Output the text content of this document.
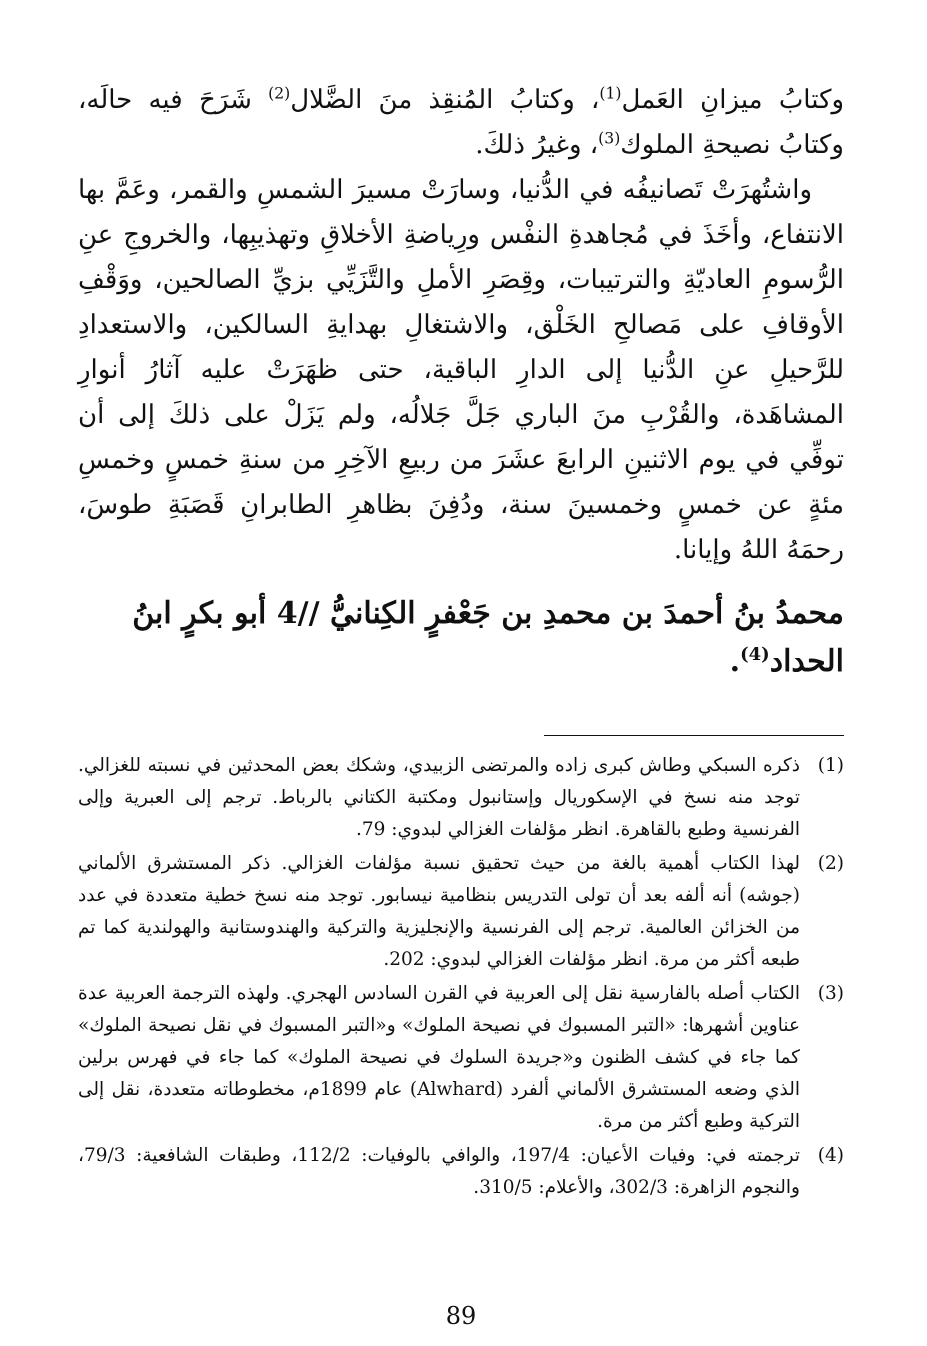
وكتابُ ميزانِ العَمل$^{(1)}$، وكتابُ المُنقِذ منَ الضَّلال$^{(2)}$ شَرَحَ فيه حالَه، وكتابُ نصيحةِ الملوك$^{(3)}$، وغيرُ ذلكَ.

واشتُهرَتْ تَصانيفُه في الدُّنيا، وسارَتْ مسيرَ الشمسِ والقمر، وعَمَّ بها الانتفاع، وأخَذَ في مُجاهدةِ النفْس ورِياضةِ الأخلاقِ وتهذيبِها، والخروجِ عنِ الرُّسومِ العاديّةِ والترتيبات، وقِصَرِ الأملِ والتَّزَيِّي بزيِّ الصالحين، ووَقْفِ الأوقافِ على مَصالحِ الخَلْق، والاشتغالِ بهدايةِ السالكين، والاستعدادِ للرَّحيلِ عنِ الدُّنيا إلى الدارِ الباقية، حتى ظهَرَتْ عليه آثارُ أنوارِ المشاهَدة، والقُرْبِ منَ الباري جَلَّ جَلالُه، ولم يَزَلْ على ذلكَ إلى أن توفِّي في يوم الاثنينِ الرابعَ عشَرَ من ربيعِ الآخِرِ من سنةِ خمسٍ وخمسِ مئةٍ عن خمسٍ وخمسينَ سنة، ودُفِنَ بظاهرِ الطابرانِ قَصَبَةِ طوسَ، رحمَهُ اللهُ وإيانا.

محمدُ بنُ أحمدَ بن محمدِ بن جَعْفرٍ الكِنانيُّ //4 أبو بكرٍ ابنُ الحداد$^{(4)}$.
(1)
ذكره السبكي وطاش كبرى زاده والمرتضى الزبيدي، وشكك بعض المحدثين في نسبته للغزالي. توجد منه نسخ في الإسكوريال وإستانبول ومكتبة الكتاني بالرباط. ترجم إلى العبرية وإلى الفرنسية وطبع بالقاهرة. انظر مؤلفات الغزالي لبدوي: 79.
(2)
لهذا الكتاب أهمية بالغة من حيث تحقيق نسبة مؤلفات الغزالي. ذكر المستشرق الألماني (جوشه) أنه ألفه بعد أن تولى التدريس بنظامية نيسابور. توجد منه نسخ خطية متعددة في عدد من الخزائن العالمية. ترجم إلى الفرنسية والإنجليزية والتركية والهندوستانية والهولندية كما تم طبعه أكثر من مرة. انظر مؤلفات الغزالي لبدوي: 202.
(3)
الكتاب أصله بالفارسية نقل إلى العربية في القرن السادس الهجري. ولهذه الترجمة العربية عدة عناوين أشهرها: «التبر المسبوك في نصيحة الملوك» و«التبر المسبوك في نقل نصيحة الملوك» كما جاء في كشف الظنون و«جريدة السلوك في نصيحة الملوك» كما جاء في فهرس برلين الذي وضعه المستشرق الألماني ألفرد (Alwhard) عام 1899م، مخطوطاته متعددة، نقل إلى التركية وطبع أكثر من مرة.
(4)
ترجمته في: وفيات الأعيان: 197/4، والوافي بالوفيات: 112/2، وطبقات الشافعية: 79/3، والنجوم الزاهرة: 302/3، والأعلام: 310/5.
89
